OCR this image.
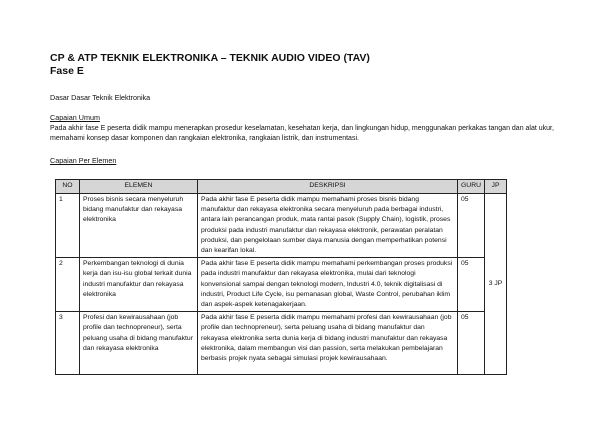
CP & ATP TEKNIK ELEKTRONIKA – TEKNIK AUDIO VIDEO (TAV)
Fase E
Dasar Dasar Teknik Elektronika
Capaian Umum
Pada akhir fase E peserta didik mampu menerapkan prosedur keselamatan, kesehatan kerja, dan lingkungan hidup, menggunakan perkakas tangan dan alat ukur, memahami konsep dasar komponen dan rangkaian elektronika, rangkaian listrik, dan instrumentasi.
Capaian Per Elemen
NO	ELEMEN	DESKRIPSI	GURU	JP
1	Proses bisnis secara menyeluruh bidang manufaktur dan rekayasa elektronika	Pada akhir fase E peserta didik mampu memahami proses bisnis bidang manufaktur dan rekayasa elektronika secara menyeluruh pada berbagai industri, antara lain perancangan produk, mata rantai pasok (Supply Chain), logistik, proses produksi pada industri manufaktur dan rekayasa elektronik, perawatan peralatan produksi, dan pengelolaan sumber daya manusia dengan memperhatikan potensi dan kearifan lokal.	05	3 JP
2	Perkembangan teknologi di dunia kerja dan isu-isu global terkait dunia industri manufaktur dan rekayasa elektronika	Pada akhir fase E peserta didik mampu memahami perkembangan proses produksi pada industri manufaktur dan rekayasa elektronika, mulai dari teknologi konvensional sampai dengan teknologi modern, Industri 4.0, teknik digitalisasi di industri, Product Life Cycle, isu pemanasan global, Waste Control, perubahan iklim dan aspek-aspek ketenagakerjaan.	05	
3	Profesi dan kewirausahaan (job profile dan technopreneur), serta peluang usaha di bidang manufaktur dan rekayasa elektronika	Pada akhir fase E peserta didik mampu memahami profesi dan kewirausahaan (job profile dan technopreneur), serta peluang usaha di bidang manufaktur dan rekayasa elektronika serta dunia kerja di bidang industri manufaktur dan rekayasa elektronika, dalam membangun visi dan passion, serta melakukan pembelajaran berbasis projek nyata sebagai simulasi projek kewirausahaan.	05	
